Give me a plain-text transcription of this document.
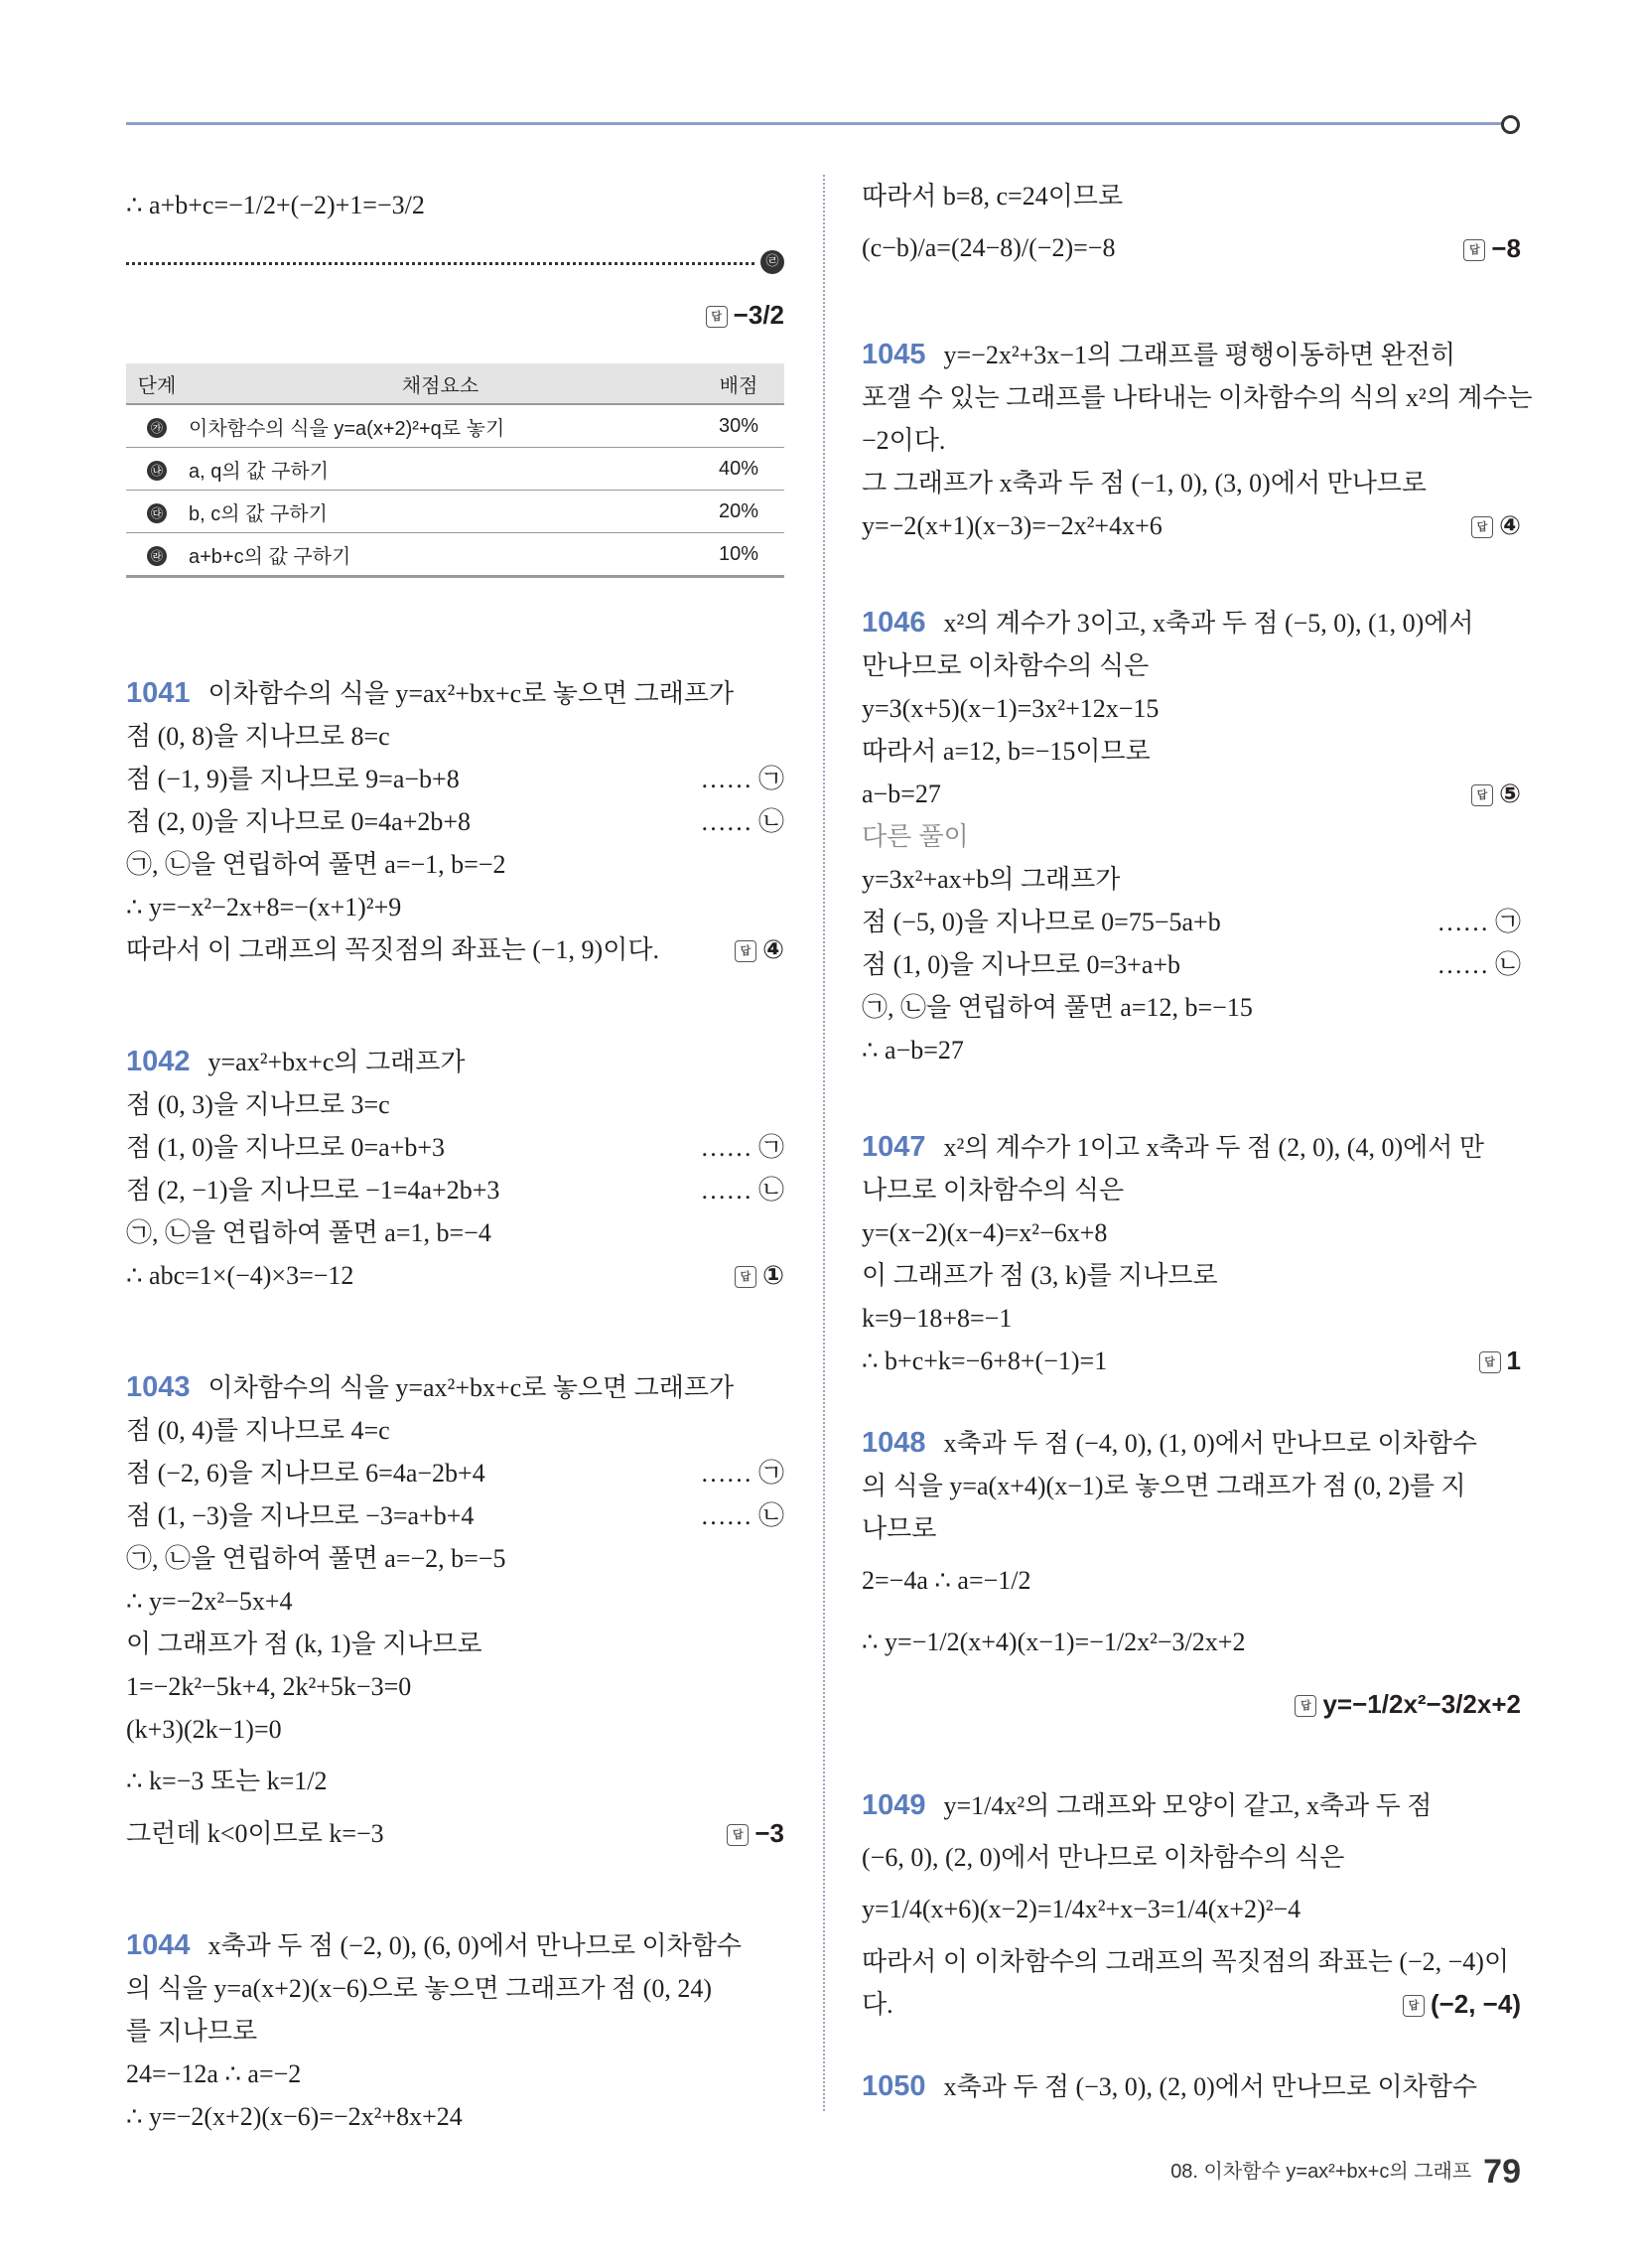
∴ a+b+c=−1/2+(−2)+1=−3/2
㉣
답 −3/2
단계	채점요소	배점
㉮	이차함수의 식을 y=a(x+2)²+q로 놓기	30%
㉯	a, q의 값 구하기	40%
㉰	b, c의 값 구하기	20%
㉱	a+b+c의 값 구하기	10%
1041 이차함수의 식을 y=ax²+bx+c로 놓으면 그래프가
점 (0, 8)을 지나므로 8=c
점 (−1, 9)를 지나므로 9=a−b+8	…… ㉠
점 (2, 0)을 지나므로 0=4a+2b+8	…… ㉡
㉠, ㉡을 연립하여 풀면 a=−1, b=−2
∴ y=−x²−2x+8=−(x+1)²+9
따라서 이 그래프의 꼭짓점의 좌표는 (−1, 9)이다.	답 ④
1042 y=ax²+bx+c의 그래프가
점 (0, 3)을 지나므로 3=c
점 (1, 0)을 지나므로 0=a+b+3	…… ㉠
점 (2, −1)을 지나므로 −1=4a+2b+3	…… ㉡
㉠, ㉡을 연립하여 풀면 a=1, b=−4
∴ abc=1×(−4)×3=−12	답 ①
1043 이차함수의 식을 y=ax²+bx+c로 놓으면 그래프가
점 (0, 4)를 지나므로 4=c
점 (−2, 6)을 지나므로 6=4a−2b+4	…… ㉠
점 (1, −3)을 지나므로 −3=a+b+4	…… ㉡
㉠, ㉡을 연립하여 풀면 a=−2, b=−5
∴ y=−2x²−5x+4
이 그래프가 점 (k, 1)을 지나므로
1=−2k²−5k+4, 2k²+5k−3=0
(k+3)(2k−1)=0
∴ k=−3 또는 k=1/2
그런데 k<0이므로 k=−3	답 −3
1044 x축과 두 점 (−2, 0), (6, 0)에서 만나므로 이차함수
의 식을 y=a(x+2)(x−6)으로 놓으면 그래프가 점 (0, 24)
를 지나므로
24=−12a ∴ a=−2
∴ y=−2(x+2)(x−6)=−2x²+8x+24
따라서 b=8, c=24이므로
(c−b)/a=(24−8)/(−2)=−8	답 −8
1045 y=−2x²+3x−1의 그래프를 평행이동하면 완전히
포갤 수 있는 그래프를 나타내는 이차함수의 식의 x²의 계수는
−2이다.
그 그래프가 x축과 두 점 (−1, 0), (3, 0)에서 만나므로
y=−2(x+1)(x−3)=−2x²+4x+6	답 ④
1046 x²의 계수가 3이고, x축과 두 점 (−5, 0), (1, 0)에서
만나므로 이차함수의 식은
y=3(x+5)(x−1)=3x²+12x−15
따라서 a=12, b=−15이므로
a−b=27	답 ⑤
다른 풀이
y=3x²+ax+b의 그래프가
점 (−5, 0)을 지나므로 0=75−5a+b	…… ㉠
점 (1, 0)을 지나므로 0=3+a+b	…… ㉡
㉠, ㉡을 연립하여 풀면 a=12, b=−15
∴ a−b=27
1047 x²의 계수가 1이고 x축과 두 점 (2, 0), (4, 0)에서 만
나므로 이차함수의 식은
y=(x−2)(x−4)=x²−6x+8
이 그래프가 점 (3, k)를 지나므로
k=9−18+8=−1
∴ b+c+k=−6+8+(−1)=1	답 1
1048 x축과 두 점 (−4, 0), (1, 0)에서 만나므로 이차함수
의 식을 y=a(x+4)(x−1)로 놓으면 그래프가 점 (0, 2)를 지
나므로
2=−4a ∴ a=−1/2
∴ y=−1/2(x+4)(x−1)=−1/2x²−3/2x+2
답 y=−1/2x²−3/2x+2
1049 y=1/4x²의 그래프와 모양이 같고, x축과 두 점
(−6, 0), (2, 0)에서 만나므로 이차함수의 식은
y=1/4(x+6)(x−2)=1/4x²+x−3=1/4(x+2)²−4
따라서 이 이차함수의 그래프의 꼭짓점의 좌표는 (−2, −4)이
다.	답 (−2, −4)
1050 x축과 두 점 (−3, 0), (2, 0)에서 만나므로 이차함수
08. 이차함수 y=ax²+bx+c의 그래프 79
